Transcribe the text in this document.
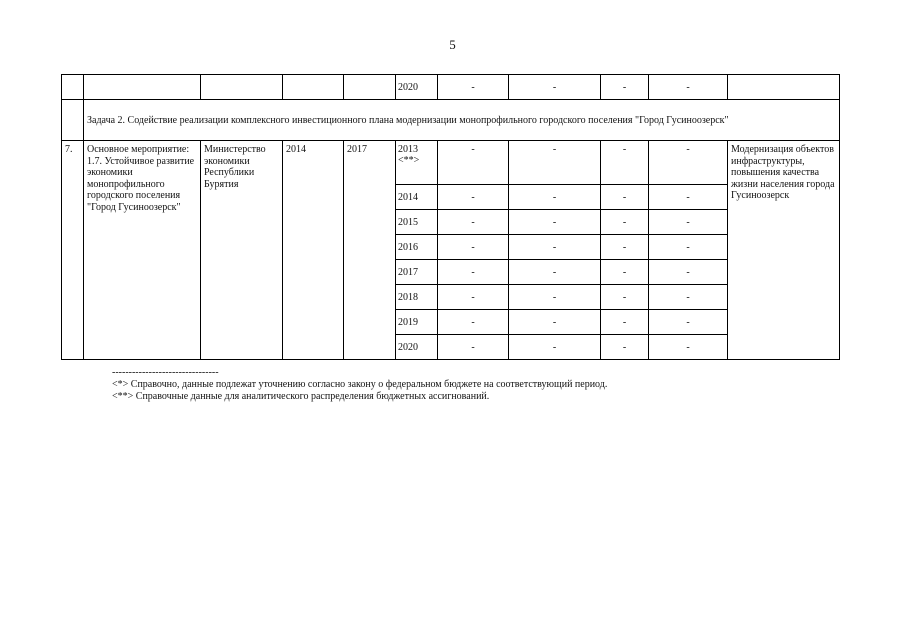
5
					2020	-	-	-	-	
	Задача 2. Содействие реализации комплексного инвестиционного плана модернизации монопрофильного городского поселения "Город Гусиноозерск"									
7.	Основное мероприятие: 1.7. Устойчивое развитие экономики монопрофильного городского поселения "Город Гусиноозерск"	Министерство экономики Республики Бурятия	2014	2017	2013 <**>	-	-	-	-	Модернизация объектов инфраструктуры, повышения качества жизни населения города Гусиноозерск
					2014	-	-	-	-	
					2015	-	-	-	-	
					2016	-	-	-	-	
					2017	-	-	-	-	
					2018	-	-	-	-	
					2019	-	-	-	-	
					2020	-	-	-	-	
--------------------------------
<*> Справочно, данные подлежат уточнению согласно закону о федеральном бюджете на соответствующий период.
<**> Справочные данные для аналитического распределения бюджетных ассигнований.
